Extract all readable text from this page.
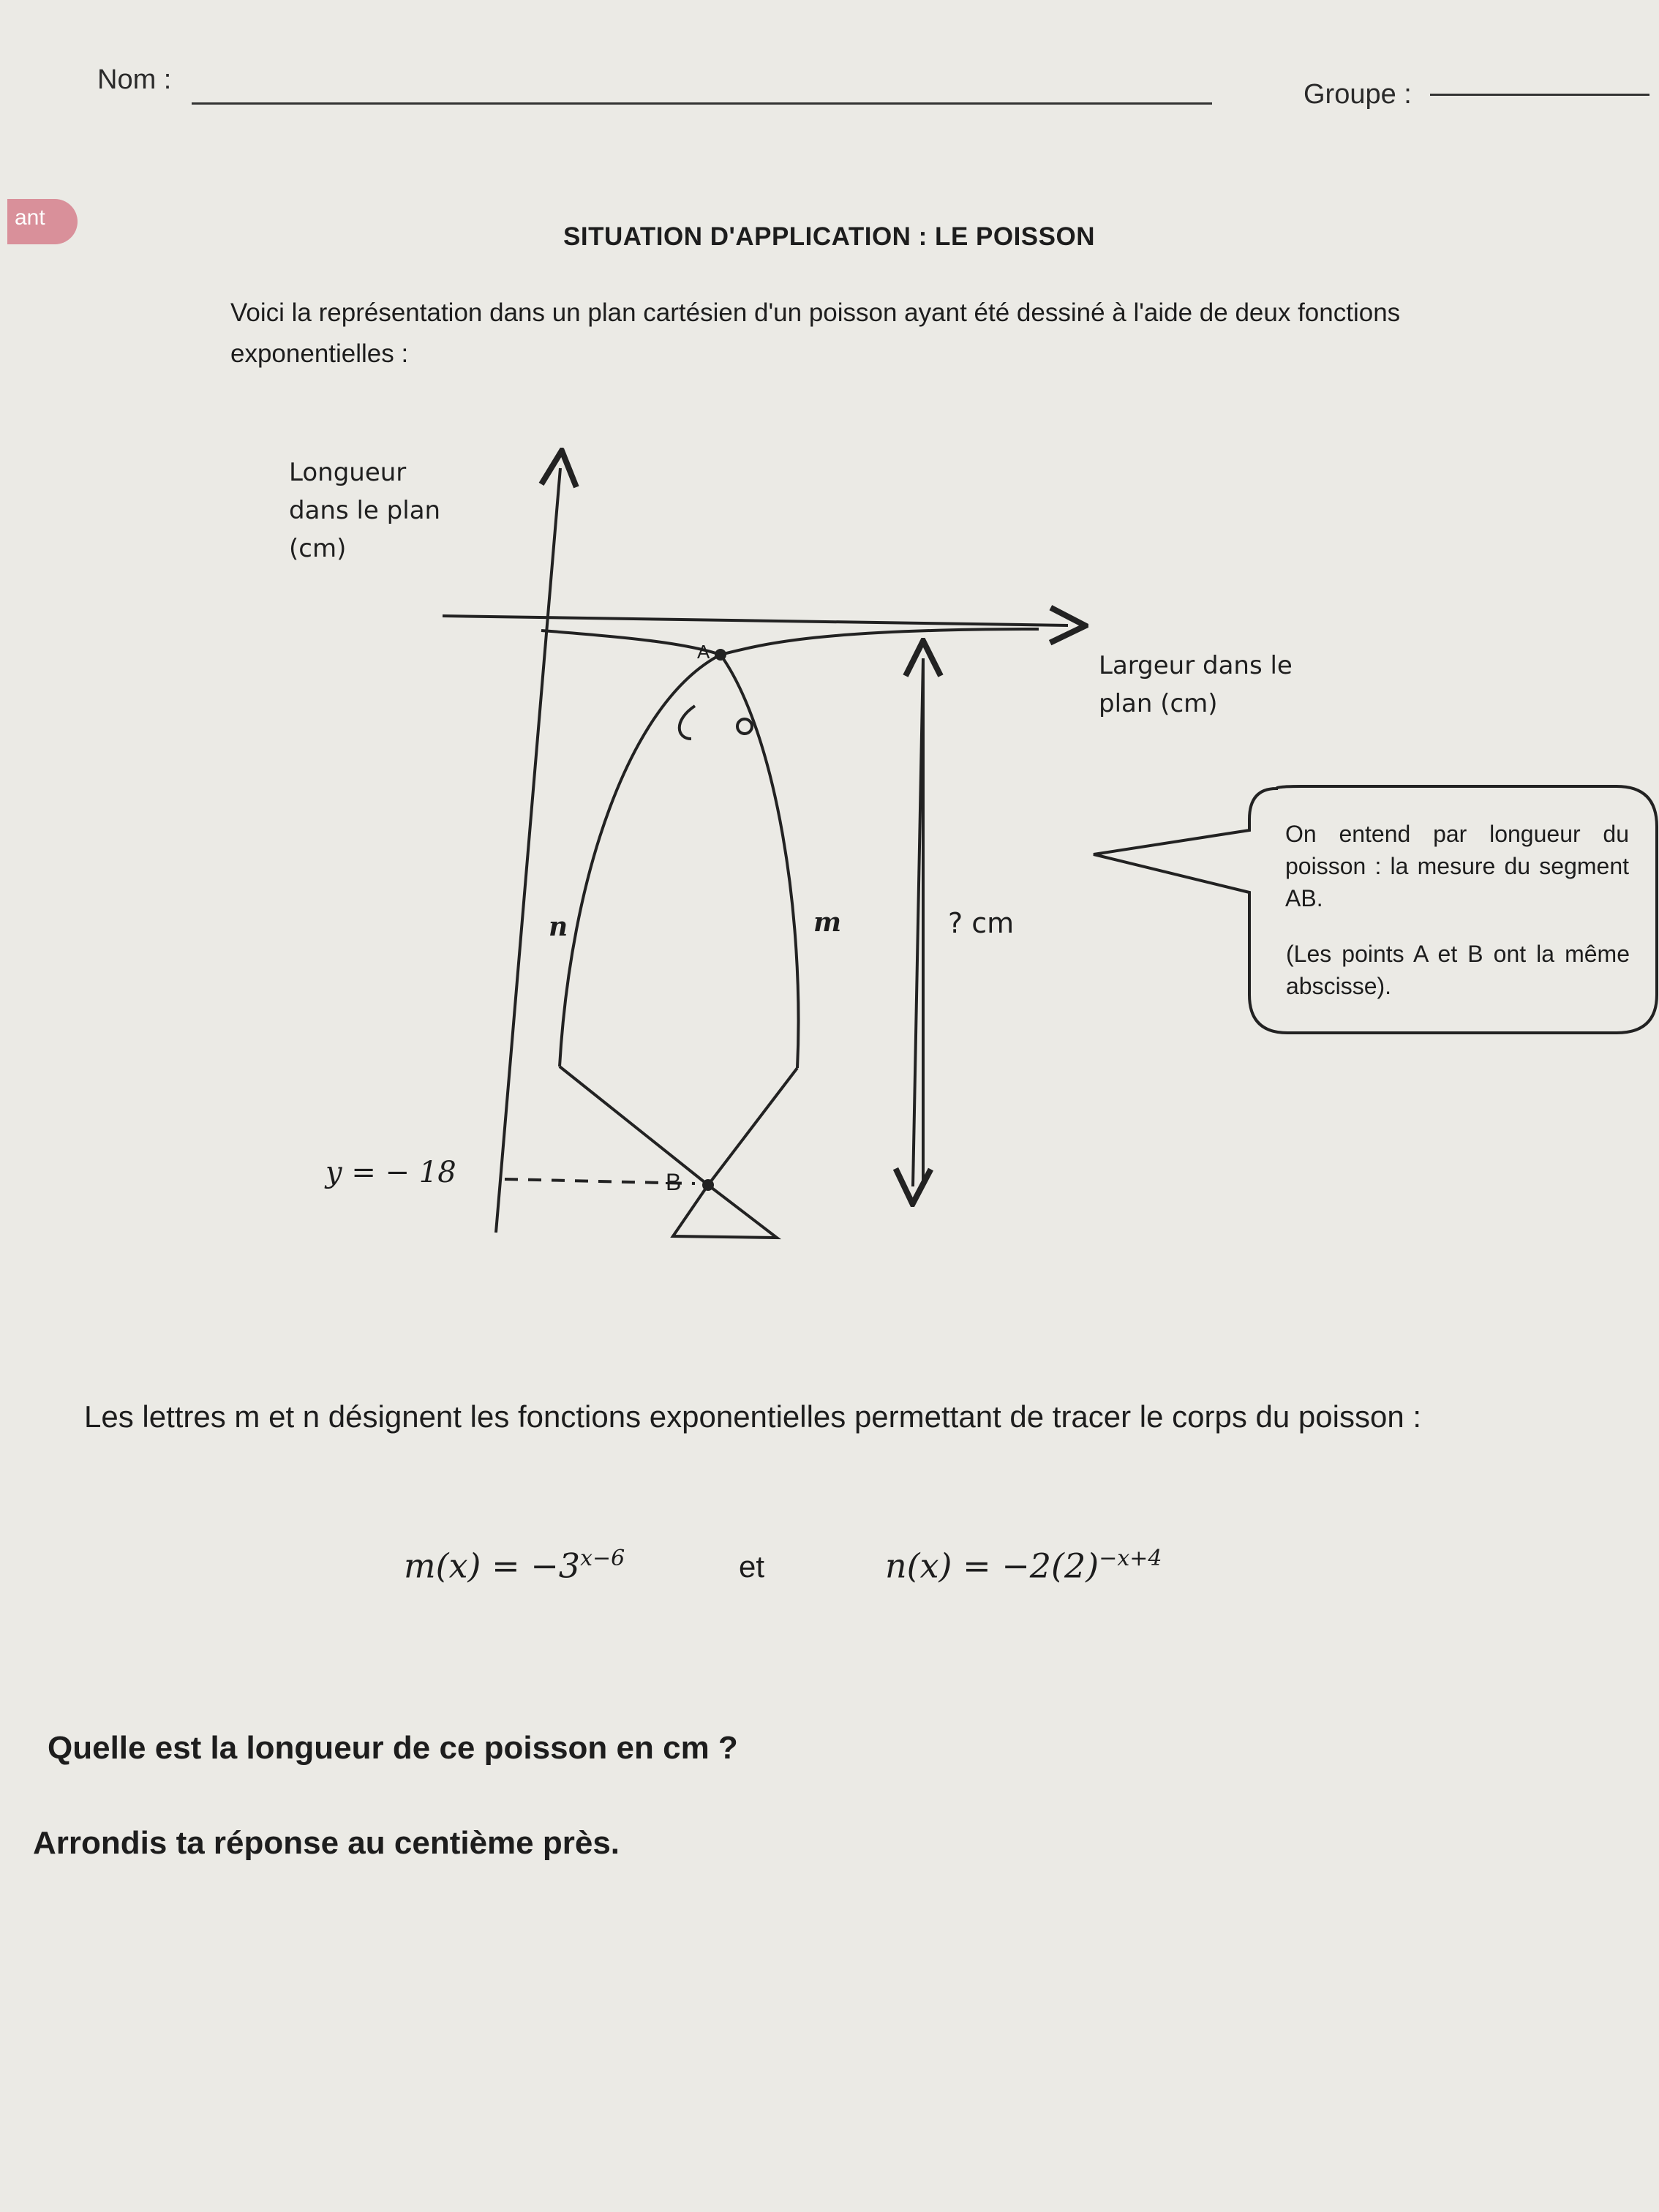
Nom :	Groupe :
ant
SITUATION D'APPLICATION : LE POISSON
Voici la représentation dans un plan cartésien d'un poisson ayant été dessiné à l'aide de deux fonctions exponentielles :
Longueur
dans le plan
(cm)
Largeur dans le
plan (cm)
A
B
n	m	? cm
y = − 18
On entend par longueur du poisson : la mesure du segment AB.
(Les points A et B ont la même abscisse).
Les lettres m et n désignent les fonctions exponentielles permettant de tracer le corps du poisson :
$m(x) = -3^{x-6}$	et	$n(x) = -2(2)^{-x+4}$
Quelle est la longueur de ce poisson en cm ?
Arrondis ta réponse au centième près.
